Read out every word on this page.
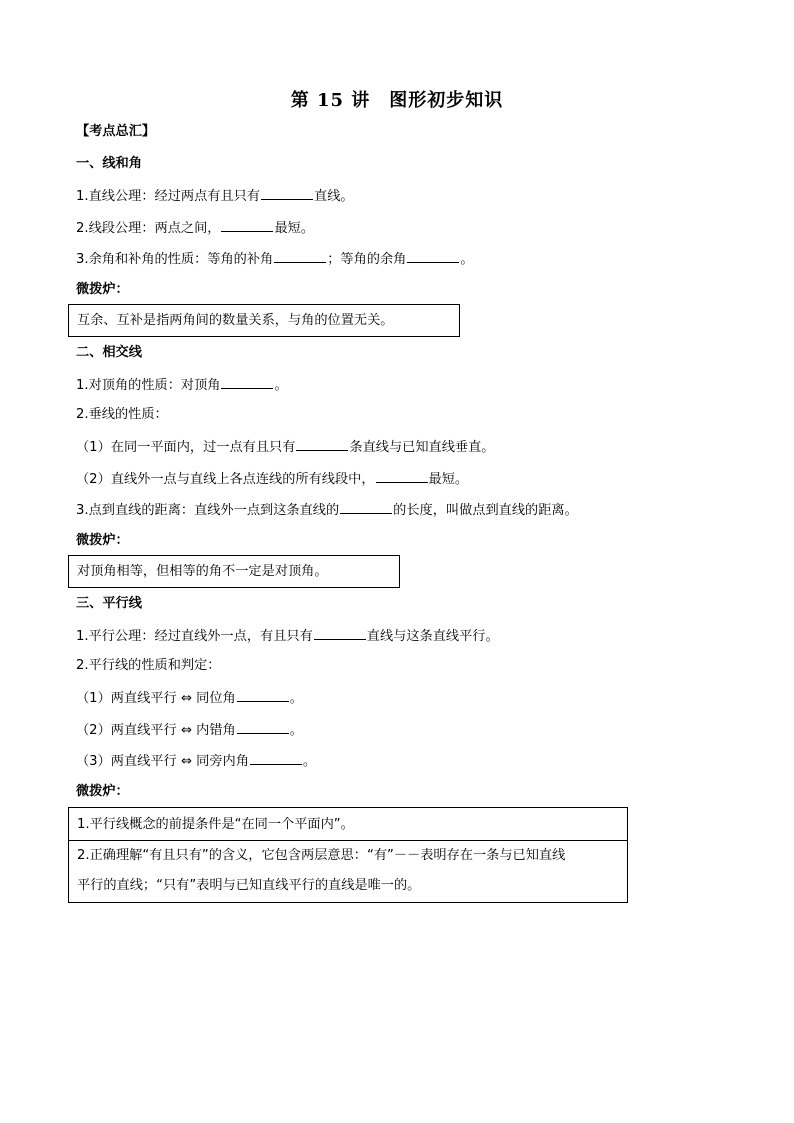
第 15 讲　图形初步知识
【考点总汇】
一、线和角
1.直线公理：经过两点有且只有	直线。
2.线段公理：两点之间，	最短。
3.余角和补角的性质：等角的补角	；等角的余角	。
微拨炉：
互余、互补是指两角间的数量关系，与角的位置无关。
二、相交线
1.对顶角的性质：对顶角	。
2.垂线的性质：
（1）在同一平面内，过一点有且只有	条直线与已知直线垂直。
（2）直线外一点与直线上各点连线的所有线段中，	最短。
3.点到直线的距离：直线外一点到这条直线的	的长度，叫做点到直线的距离。
微拨炉：
对顶角相等，但相等的角不一定是对顶角。
三、平行线
1.平行公理：经过直线外一点，有且只有	直线与这条直线平行。
2.平行线的性质和判定：
（1）两直线平行 ⇔ 同位角	。
（2）两直线平行 ⇔ 内错角	。
（3）两直线平行 ⇔ 同旁内角	。
微拨炉：
1.平行线概念的前提条件是“在同一个平面内”。
2.正确理解“有且只有”的含义，它包含两层意思：“有”－－表明存在一条与已知直线
平行的直线；“只有”表明与已知直线平行的直线是唯一的。
